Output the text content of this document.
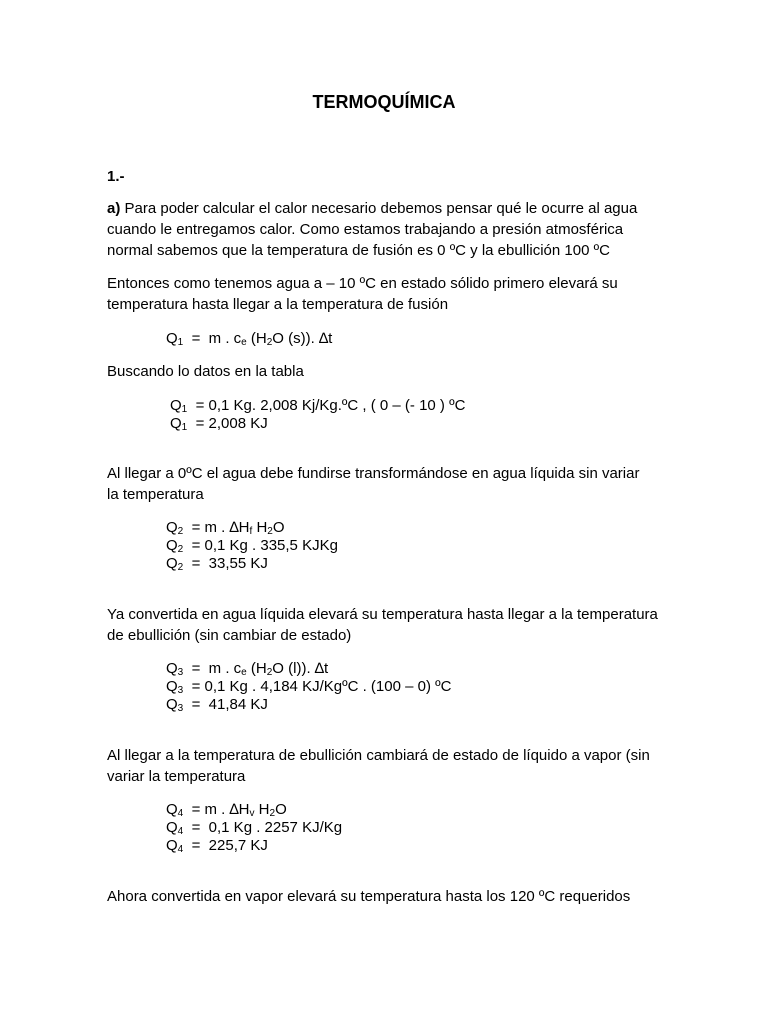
TERMOQUÍMICA
1.-
a) Para poder calcular el calor necesario debemos pensar qué le ocurre al agua
cuando le entregamos calor. Como estamos trabajando a presión atmosférica
normal sabemos que la temperatura de fusión es 0 ºC y la ebullición 100 ºC
Entonces como tenemos agua a – 10 ºC en estado sólido primero elevará su
temperatura hasta llegar a la temperatura de fusión
$Q_1 = m$ . $c_e$ ($H_2O$ (s)). ∆t
Buscando lo datos en la tabla
$Q_1 = 0,1$ Kg. 2,008 Kj/Kg.ºC , ( 0 – (- 10 ) ºC
$Q_1 = 2,008$ KJ
Al llegar a 0ºC el agua debe fundirse transformándose en agua líquida sin variar
la temperatura
$Q_2 = m$ . $\Delta H_f$ $H_2O$
$Q_2 = 0,1$ Kg . 335,5 KJKg
$Q_2 = 33,55$ KJ
Ya convertida en agua líquida elevará su temperatura hasta llegar a la temperatura
de ebullición (sin cambiar de estado)
$Q_3 = m$ . $c_e$ ($H_2O$ (l)). ∆t
$Q_3 = 0,1$ Kg . 4,184 KJ/KgºC . (100 – 0) ºC
$Q_3 = 41,84$ KJ
Al llegar a la temperatura de ebullición cambiará de estado de líquido a vapor (sin
variar la temperatura
$Q_4 = m$ . $\Delta H_v$ $H_2O$
$Q_4 = 0,1$ Kg . 2257 KJ/Kg
$Q_4 = 225,7$ KJ
Ahora convertida en vapor elevará su temperatura hasta los 120 ºC requeridos
